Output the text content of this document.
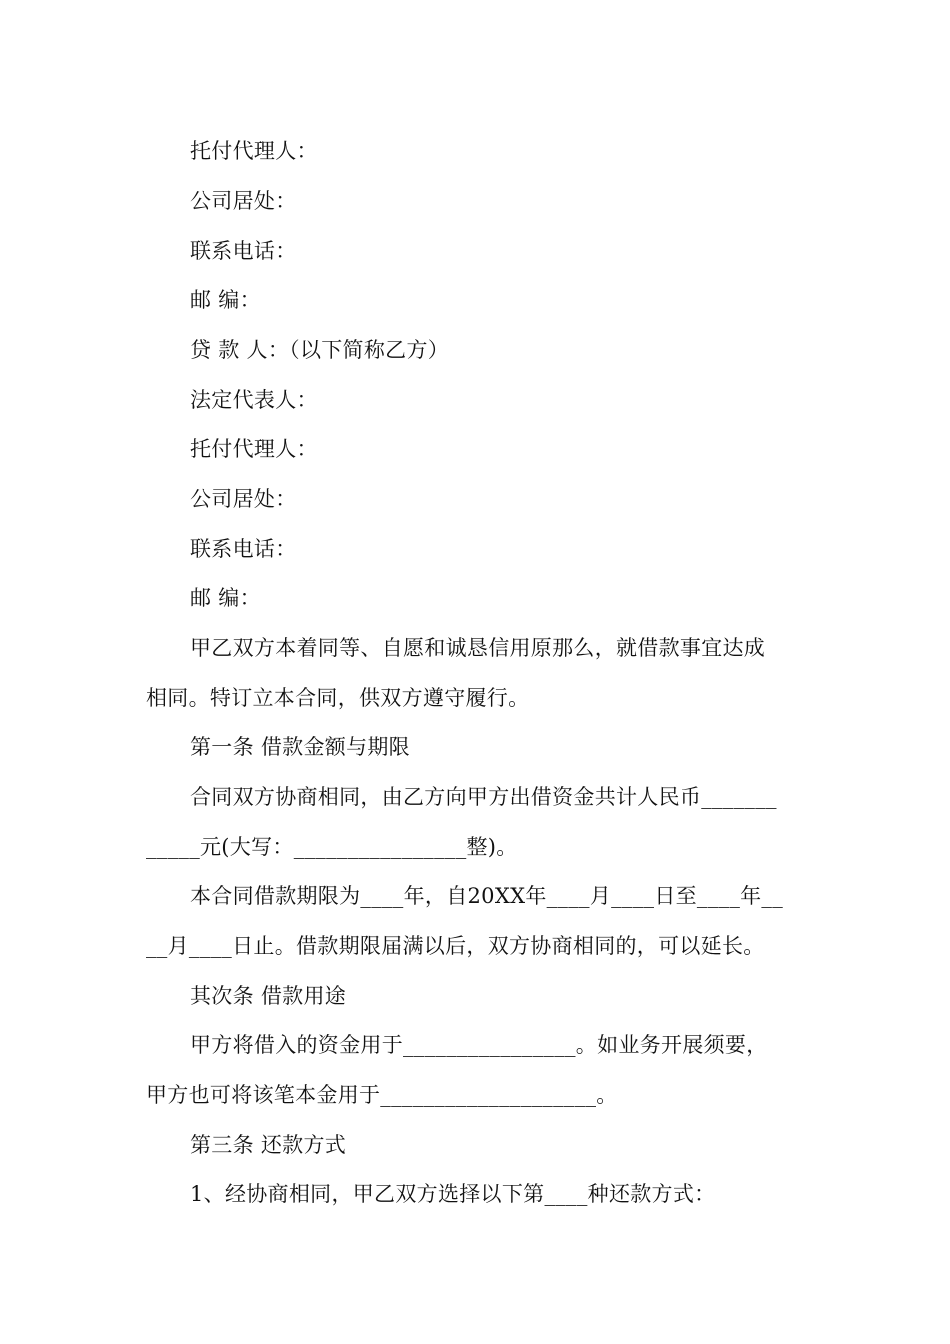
托付代理人：
公司居处：
联系电话：
邮 编：
贷 款 人：（以下简称乙方）
法定代表人：
托付代理人：
公司居处：
联系电话：
邮 编：
甲乙双方本着同等、自愿和诚恳信用原那么，就借款事宜达成
相同。特订立本合同，供双方遵守履行。
第一条 借款金额与期限
合同双方协商相同，由乙方向甲方出借资金共计人民币_______
_____元(大写：________________整)。
本合同借款期限为____年，自20XX年____月____日至____年__
__月____日止。借款期限届满以后，双方协商相同的，可以延长。
其次条 借款用途
甲方将借入的资金用于________________。如业务开展须要，
甲方也可将该笔本金用于____________________。
第三条 还款方式
1、经协商相同，甲乙双方选择以下第____种还款方式：
